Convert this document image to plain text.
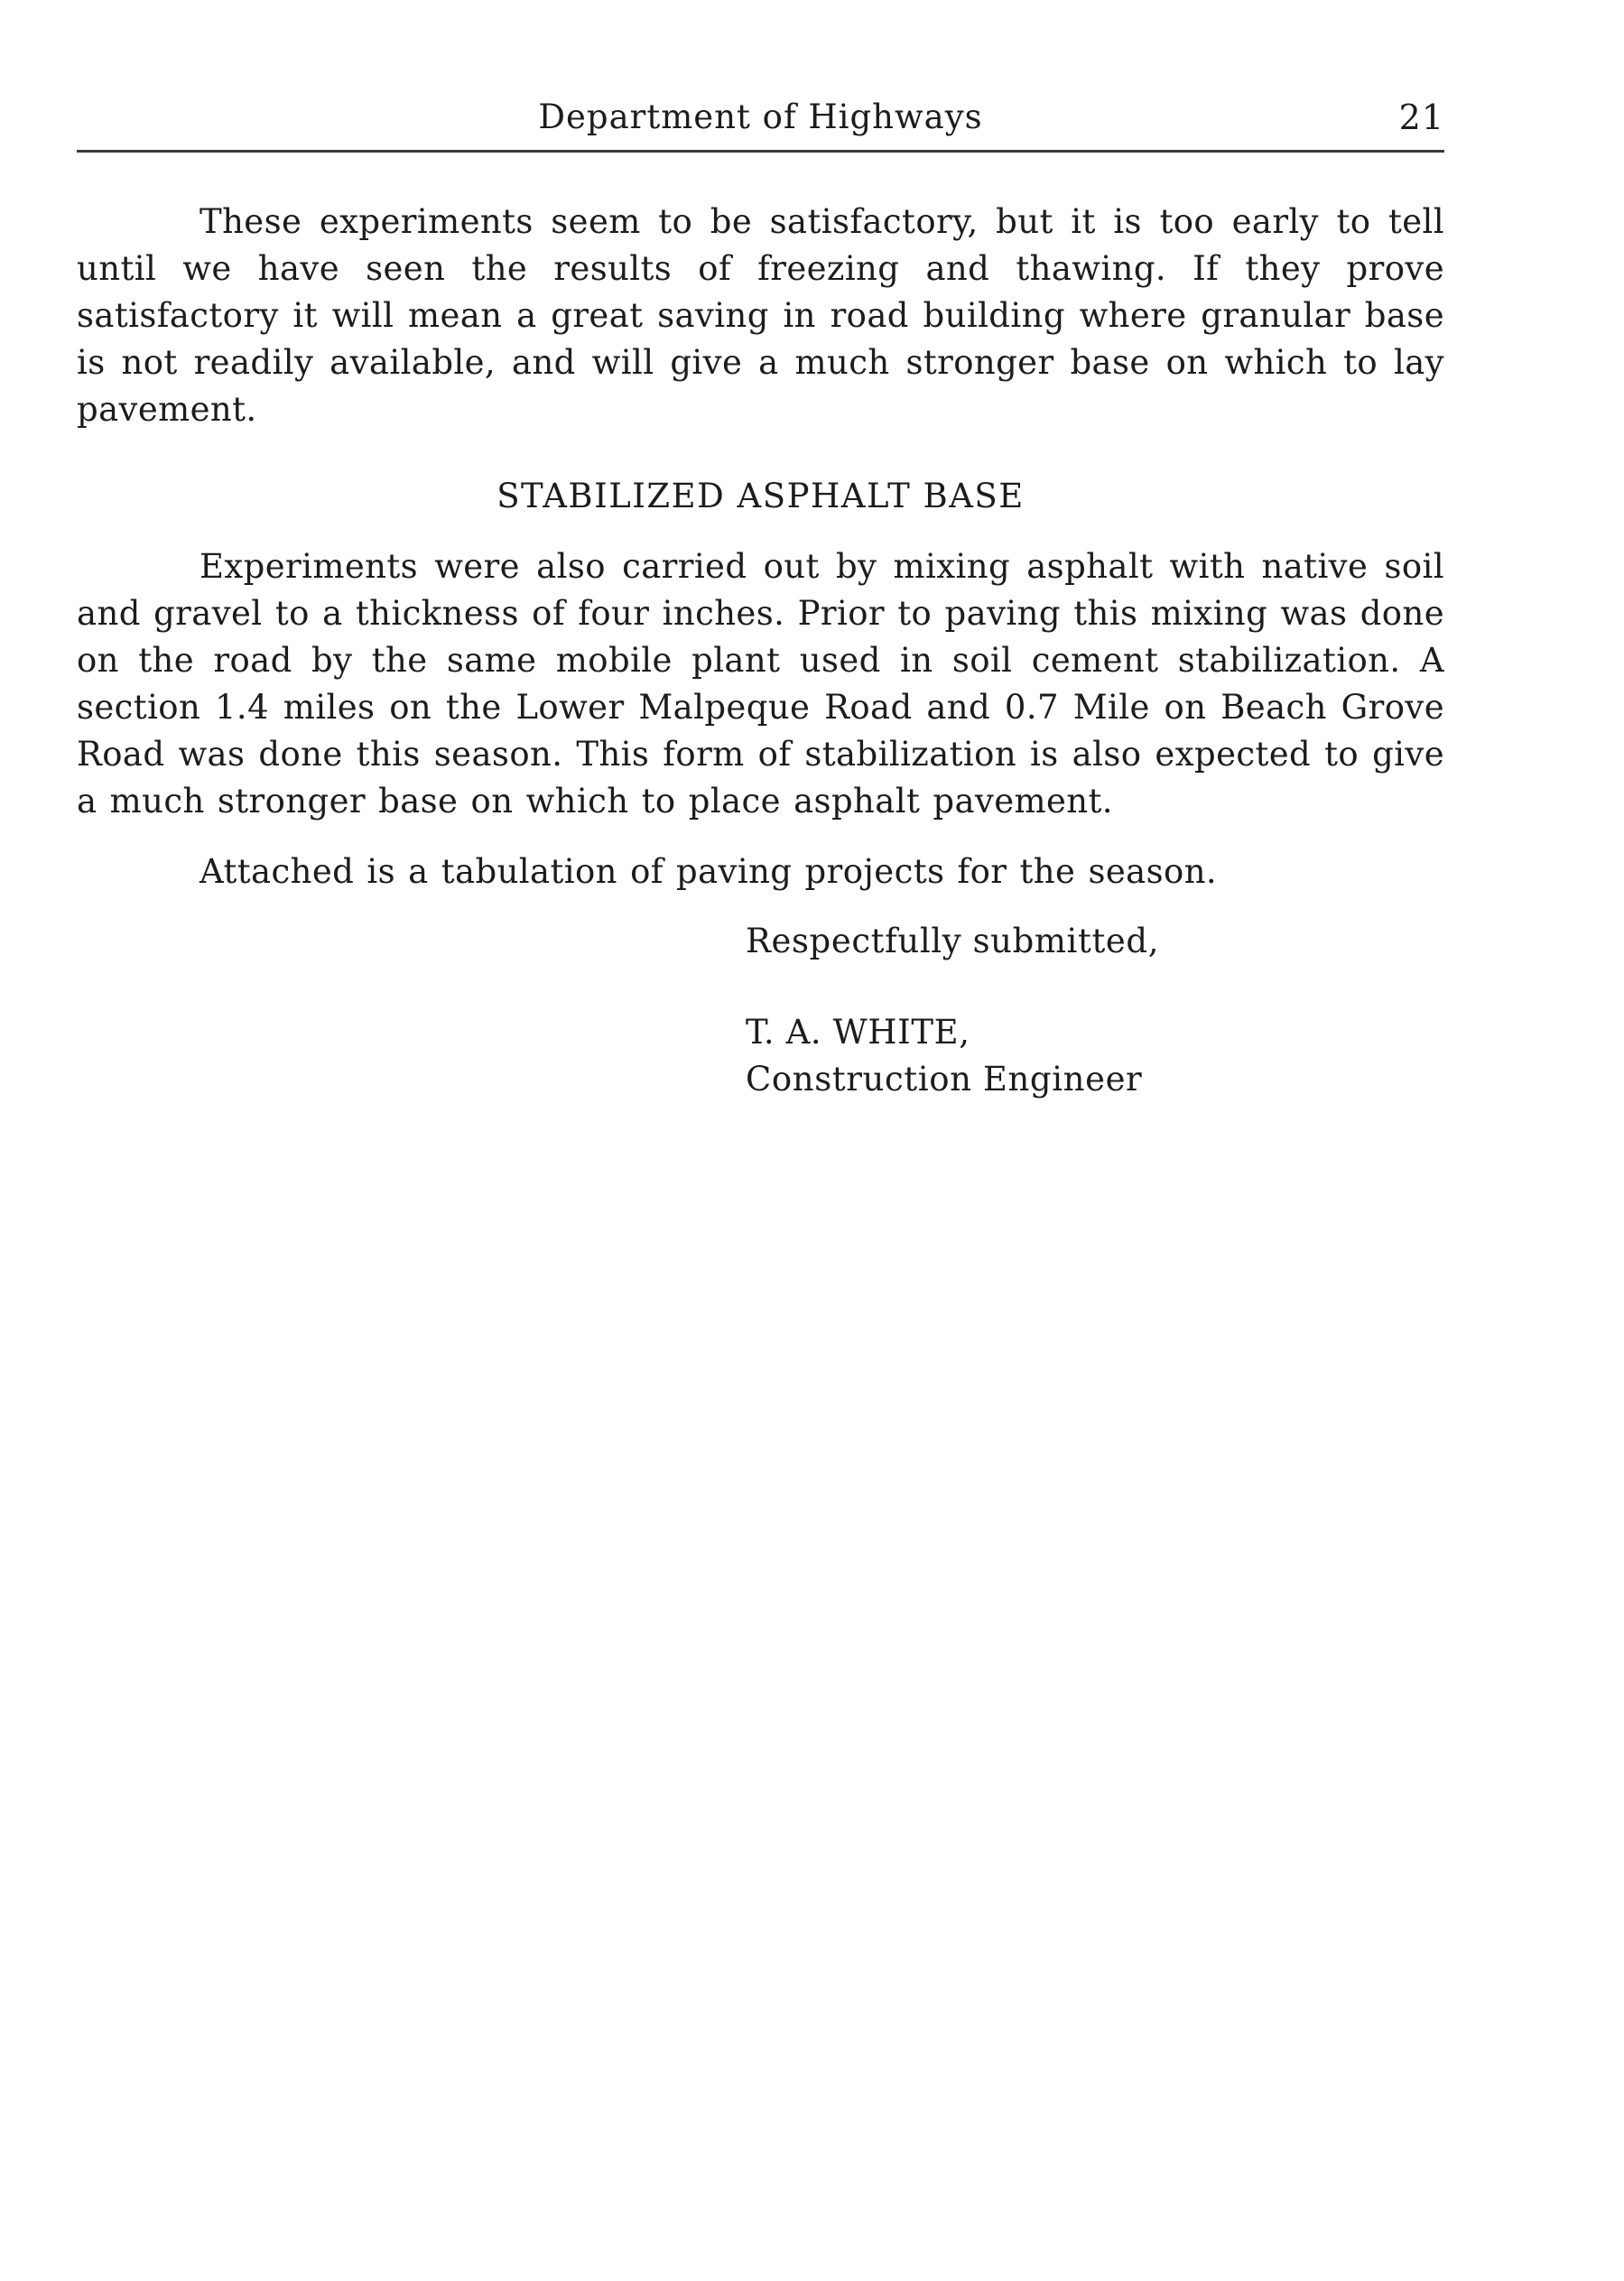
Department of Highways	21

These experiments seem to be satisfactory, but it is too early to tell until we have seen the results of freezing and thawing. If they prove satisfactory it will mean a great saving in road building where granular base is not readily available, and will give a much stronger base on which to lay pavement.

STABILIZED ASPHALT BASE

Experiments were also carried out by mixing asphalt with native soil and gravel to a thickness of four inches. Prior to paving this mixing was done on the road by the same mobile plant used in soil cement stabilization. A section 1.4 miles on the Lower Malpeque Road and 0.7 Mile on Beach Grove Road was done this season. This form of stabilization is also expected to give a much stronger base on which to place asphalt pavement.

Attached is a tabulation of paving projects for the season.

Respectfully submitted,
T. A. WHITE,
Construction Engineer
